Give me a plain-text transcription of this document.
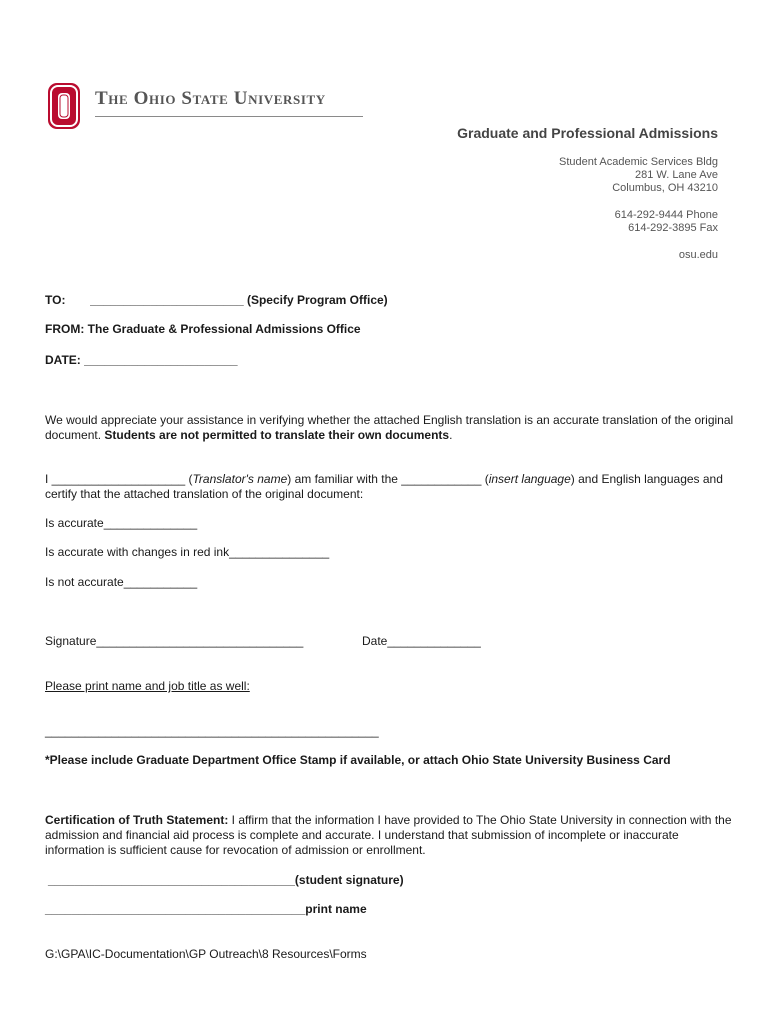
The Ohio State University
Graduate and Professional Admissions
Student Academic Services Bldg
281 W. Lane Ave
Columbus, OH 43210
614-292-9444 Phone
614-292-3895 Fax
osu.edu
TO: _______________________ (Specify Program Office)
FROM: The Graduate & Professional Admissions Office
DATE: _______________________
We would appreciate your assistance in verifying whether the attached English translation is an accurate translation of the original document. Students are not permitted to translate their own documents.
I ____________________ (Translator's name) am familiar with the ____________ (insert language) and English languages and certify that the attached translation of the original document:
Is accurate______________
Is accurate with changes in red ink_______________
Is not accurate___________
Signature_______________________________	Date______________
Please print name and job title as well:
__________________________________________________
*Please include Graduate Department Office Stamp if available, or attach Ohio State University Business Card
Certification of Truth Statement: I affirm that the information I have provided to The Ohio State University in connection with the admission and financial aid process is complete and accurate. I understand that submission of incomplete or inaccurate information is sufficient cause for revocation of admission or enrollment.
_____________________________________(student signature)
_______________________________________print name
G:\GPA\IC-Documentation\GP Outreach\8 Resources\Forms
